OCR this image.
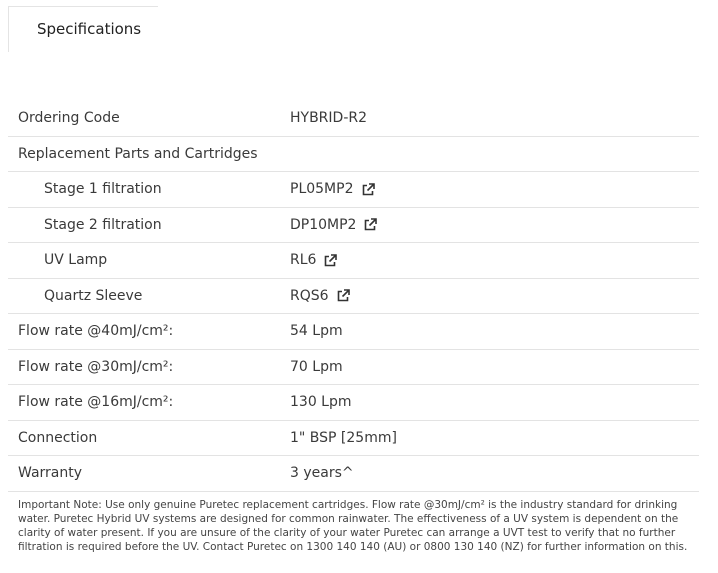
Specifications
Ordering Code	HYBRID-R2
Replacement Parts and Cartridges
Stage 1 filtration	PL05MP2
Stage 2 filtration	DP10MP2
UV Lamp	RL6
Quartz Sleeve	RQS6
Flow rate @40mJ/cm²:	54 Lpm
Flow rate @30mJ/cm²:	70 Lpm
Flow rate @16mJ/cm²:	130 Lpm
Connection	1" BSP [25mm]
Warranty	3 years^

Important Note: Use only genuine Puretec replacement cartridges. Flow rate @30mJ/cm² is the industry standard for drinking water. Puretec Hybrid UV systems are designed for common rainwater. The effectiveness of a UV system is dependent on the clarity of water present. If you are unsure of the clarity of your water Puretec can arrange a UVT test to verify that no further filtration is required before the UV. Contact Puretec on 1300 140 140 (AU) or 0800 130 140 (NZ) for further information on this.
